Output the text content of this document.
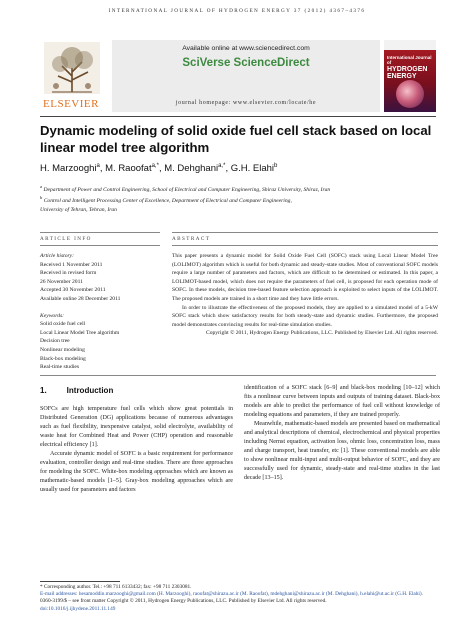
INTERNATIONAL JOURNAL OF HYDROGEN ENERGY 37 (2012) 4367–4376
ELSEVIER
Available online at www.sciencedirect.com
SciVerse ScienceDirect
journal homepage: www.elsevier.com/locate/he
International Journal of
HYDROGEN
ENERGY
Dynamic modeling of solid oxide fuel cell stack based on local linear model tree algorithm
H. Marzooghi$^a$, M. Raoofat$^{a,*}$, M. Dehghani$^{a,*}$, G.H. Elahi$^b$
$^a$ Department of Power and Control Engineering, School of Electrical and Computer Engineering, Shiraz University, Shiraz, Iran
$^b$ Control and Intelligent Processing Center of Excellence, Department of Electrical and Computer Engineering,
University of Tehran, Tehran, Iran
ARTICLE INFO	ABSTRACT
Article history:
Received 1 November 2011
Received in revised form
26 November 2011
Accepted 30 November 2011
Available online 28 December 2011
Keywords:
Solid oxide fuel cell
Local Linear Model Tree algorithm
Decision tree
Nonlinear modeling
Black-box modeling
Real-time studies

This paper presents a dynamic model for Solid Oxide Fuel Cell (SOFC) stack using Local Linear Model Tree (LOLIMOT) algorithm which is useful for both dynamic and steady-state studies. Most of conventional SOFC models require a large number of parameters and factors, which are difficult to be determined or estimated. In this paper, a LOLIMOT-based model, which does not require the parameters of fuel cell, is proposed for each operation mode of SOFC. In these models, decision tree-based feature selection approach is exploited to select inputs of the LOLIMOT. The proposed models are trained in a short time and they have little errors.

In order to illustrate the effectiveness of the proposed models, they are applied to a simulated model of a 5-kW SOFC stack which show satisfactory results for both steady-state and dynamic studies. Furthermore, the proposed model demonstrates convincing results for real-time simulation studies.

Copyright © 2011, Hydrogen Energy Publications, LLC. Published by Elsevier Ltd. All rights reserved.
1.	Introduction

SOFCs are high temperature fuel cells which show great potentials in Distributed Generation (DG) applications because of numerous advantages such as fuel flexibility, inexpensive catalyst, solid electrolyte, availability of waste heat for Combined Heat and Power (CHP) operation and reasonable electrical efficiency [1].

Accurate dynamic model of SOFC is a basic requirement for performance evaluation, controller design and real-time studies. There are three approaches for modeling the SOFC. White-box modeling approaches which are known as mathematic-based models [1–5]. Gray-box modeling approaches which are usually used for parameters and factors

identification of a SOFC stack [6–9] and black-box modeling [10–12] which fits a nonlinear curve between inputs and outputs of training dataset. Black-box models are able to predict the performance of fuel cell without knowledge of modeling equations and parameters, if they are trained properly.

Meanwhile, mathematic-based models are presented based on mathematical and analytical descriptions of chemical, electrochemical and physical properties including Nernst equation, activation loss, ohmic loss, concentration loss, mass and charge transport, heat transfer, etc [1]. These conventional models are able to show nonlinear multi-input and multi-output behavior of SOFC, and they are successfully used for dynamic, steady-state and real-time studies in the last decade [13–15].

* Corresponding author. Tel.: +98 711 6133432; fax: +98 711 2303081.
E-mail addresses: hesamoddin.marzooghi@gmail.com (H. Marzooghi), raoofat@shirazu.ac.ir (M. Raoofat), mdehghani@shirazu.ac.ir (M. Dehghani), h.elahi@ut.ac.ir (G.H. Elahi).
0360-3199/$ – see front matter Copyright © 2011, Hydrogen Energy Publications, LLC. Published by Elsevier Ltd. All rights reserved.
doi:10.1016/j.ijhydene.2011.11.149
